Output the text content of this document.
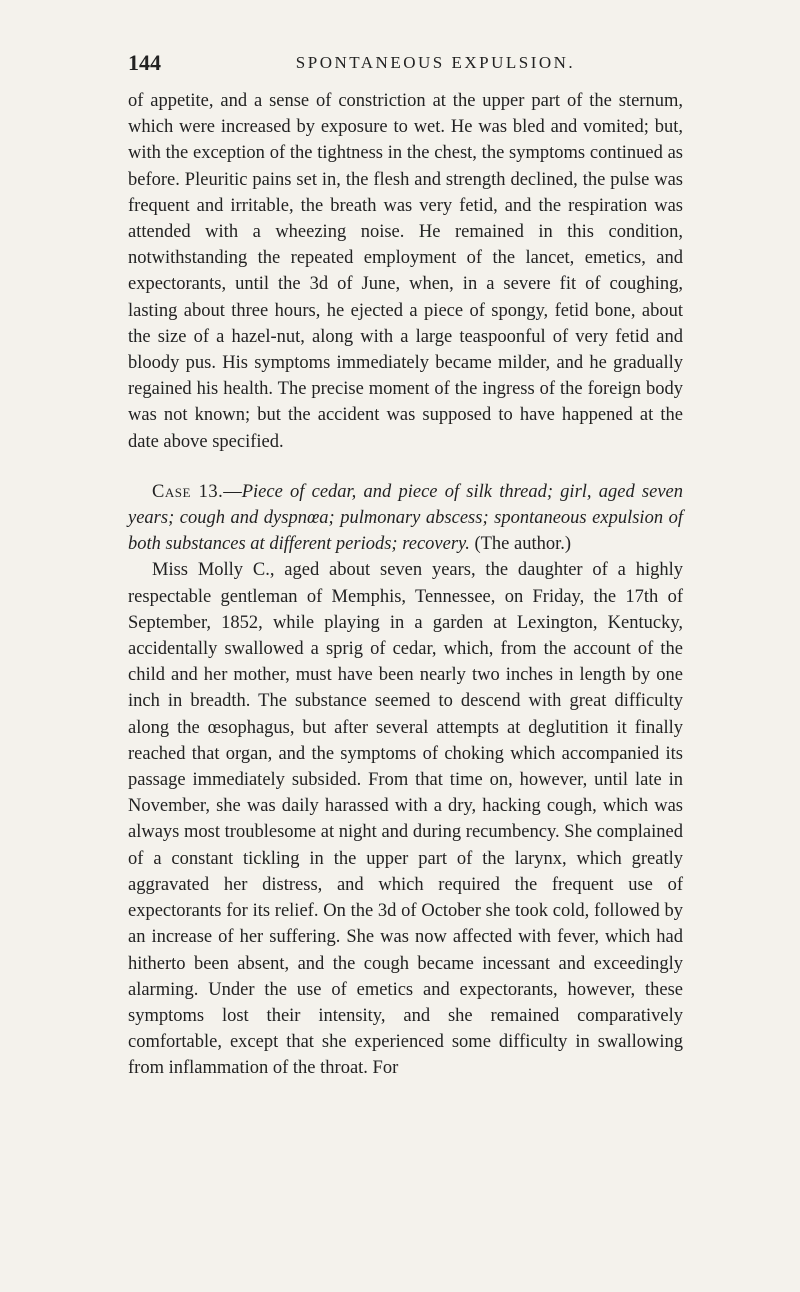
144	SPONTANEOUS EXPULSION.

of appetite, and a sense of constriction at the upper part of the sternum, which were increased by exposure to wet. He was bled and vomited; but, with the exception of the tightness in the chest, the symptoms continued as before. Pleuritic pains set in, the flesh and strength declined, the pulse was frequent and irritable, the breath was very fetid, and the respiration was attended with a wheezing noise. He remained in this condition, notwithstanding the repeated employment of the lancet, emetics, and expectorants, until the 3d of June, when, in a severe fit of coughing, lasting about three hours, he ejected a piece of spongy, fetid bone, about the size of a hazel-nut, along with a large teaspoonful of very fetid and bloody pus. His symptoms immediately became milder, and he gradually regained his health. The precise moment of the ingress of the foreign body was not known; but the accident was supposed to have happened at the date above specified.

Case 13.—Piece of cedar, and piece of silk thread; girl, aged seven years; cough and dyspnœa; pulmonary abscess; spontaneous expulsion of both substances at different periods; recovery. (The author.)

Miss Molly C., aged about seven years, the daughter of a highly respectable gentleman of Memphis, Tennessee, on Friday, the 17th of September, 1852, while playing in a garden at Lexington, Kentucky, accidentally swallowed a sprig of cedar, which, from the account of the child and her mother, must have been nearly two inches in length by one inch in breadth. The substance seemed to descend with great difficulty along the œsophagus, but after several attempts at deglutition it finally reached that organ, and the symptoms of choking which accompanied its passage immediately subsided. From that time on, however, until late in November, she was daily harassed with a dry, hacking cough, which was always most troublesome at night and during recumbency. She complained of a constant tickling in the upper part of the larynx, which greatly aggravated her distress, and which required the frequent use of expectorants for its relief. On the 3d of October she took cold, followed by an increase of her suffering. She was now affected with fever, which had hitherto been absent, and the cough became incessant and exceedingly alarming. Under the use of emetics and expectorants, however, these symptoms lost their intensity, and she remained comparatively comfortable, except that she experienced some difficulty in swallowing from inflammation of the throat. For
